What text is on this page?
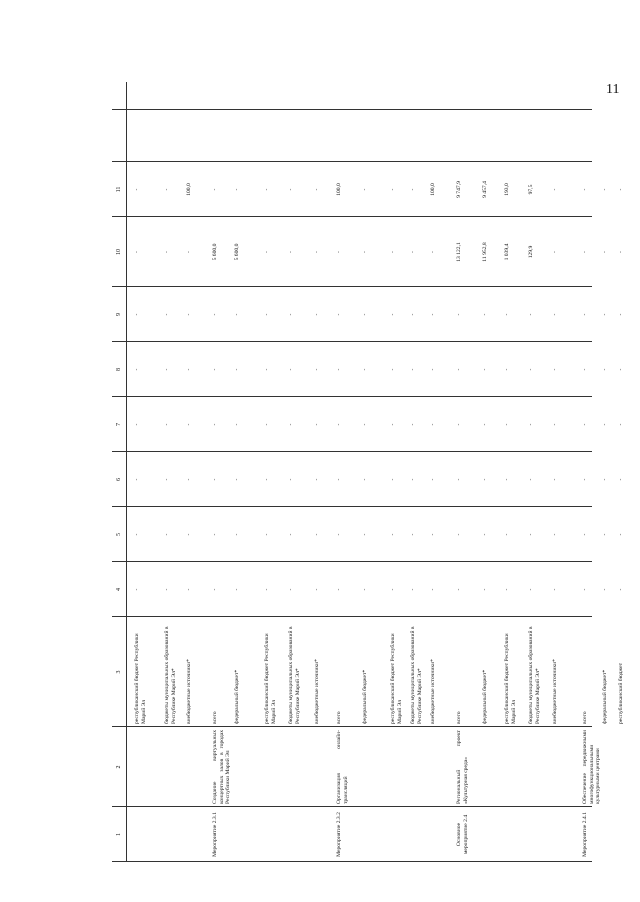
11
1
2
3
4
5
6
7
8
9
10
11
республиканский бюджет Республики Марий Эл
-
-
-
-
-
-
-
-
бюджеты муниципальных образований в Республике Марий Эл*
-
-
-
-
-
-
-
-
внебюджетные источники*
-
-
-
-
-
-
-
100,0
Мероприятие 2.3.1
Создание виртуальных концертных залов в городах Республики Марий Эл
всего
-
-
-
-
-
-
5 600,0
-
федеральный бюджет*
-
-
-
-
-
-
5 600,0
-
республиканский бюджет Республики Марий Эл
-
-
-
-
-
-
-
-
бюджеты муниципальных образований в Республике Марий Эл*
-
-
-
-
-
-
-
-
внебюджетные источники*
-
-
-
-
-
-
-
-
Мероприятие 2.3.2
Организация онлайн-трансляций
всего
-
-
-
-
-
-
-
100,0
федеральный бюджет*
-
-
-
-
-
-
-
-
республиканский бюджет Республики Марий Эл
-
-
-
-
-
-
-
-
бюджеты муниципальных образований в Республике Марий Эл*
-
-
-
-
-
-
-
-
внебюджетные источники*
-
-
-
-
-
-
-
100,0
Основное мероприятие 2.4
Региональный проект «Культурная среда»
всего
-
-
-
-
-
-
13 122,1
9 747,9
федеральный бюджет*
-
-
-
-
-
-
11 952,8
9 457,4
республиканский бюджет Республики Марий Эл
-
-
-
-
-
-
1 039,4
193,0
бюджеты муниципальных образований в Республике Марий Эл*
-
-
-
-
-
-
129,9
97,5
внебюджетные источники*
-
-
-
-
-
-
-
-
Мероприятие 2.4.1
Обеспечение передвижными многофункциональными культурными центрами
всего
-
-
-
-
-
-
-
-
федеральный бюджет*
-
-
-
-
-
-
-
-
республиканский бюджет
-
-
-
-
-
-
-
-
